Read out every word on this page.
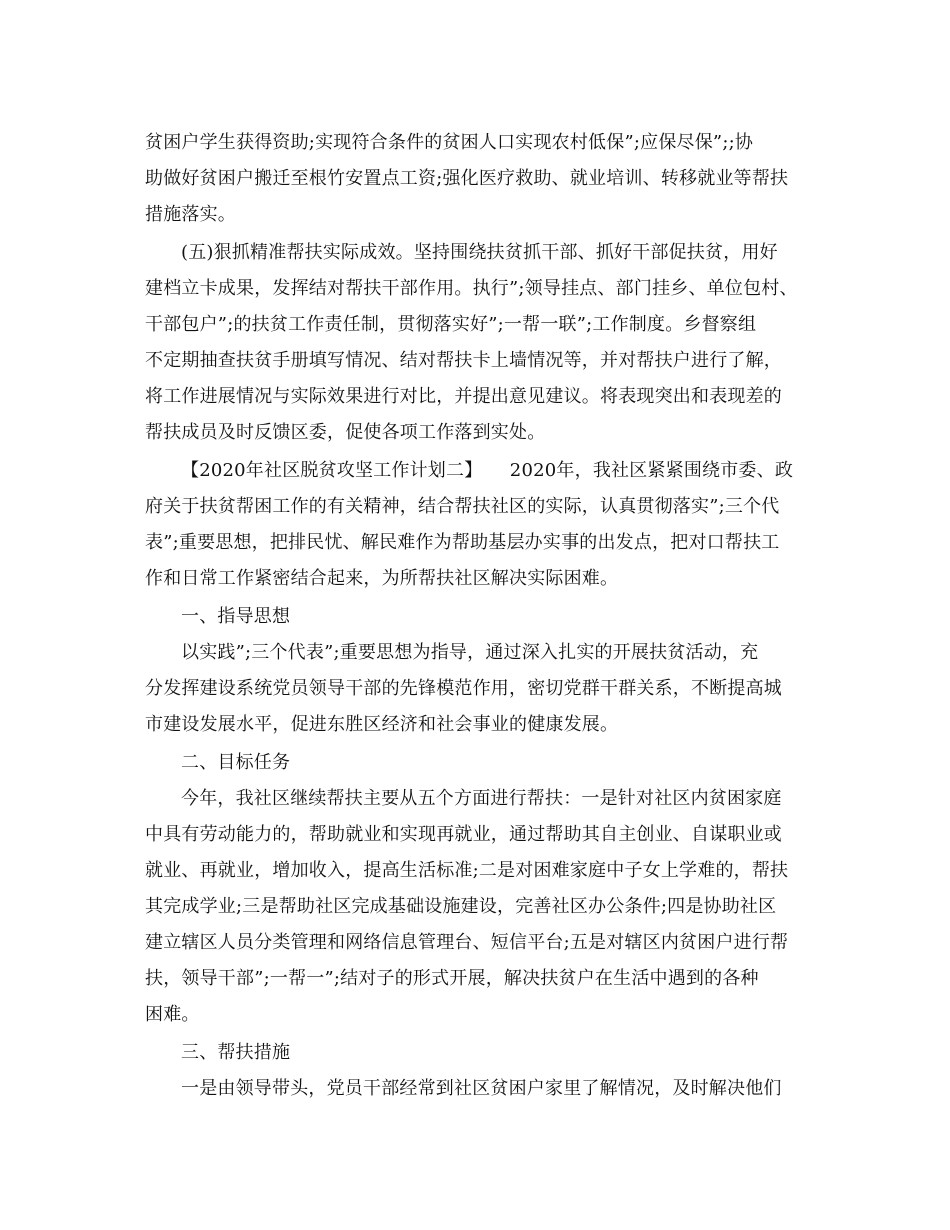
贫困户学生获得资助;实现符合条件的贫困人口实现农村低保”;应保尽保”;;协
助做好贫困户搬迁至根竹安置点工资;强化医疗救助、就业培训、转移就业等帮扶
措施落实。
(五)狠抓精准帮扶实际成效。坚持围绕扶贫抓干部、抓好干部促扶贫，用好
建档立卡成果，发挥结对帮扶干部作用。执行”;领导挂点、部门挂乡、单位包村、
干部包户”;的扶贫工作责任制，贯彻落实好”;一帮一联”;工作制度。乡督察组
不定期抽查扶贫手册填写情况、结对帮扶卡上墙情况等，并对帮扶户进行了解，
将工作进展情况与实际效果进行对比，并提出意见建议。将表现突出和表现差的
帮扶成员及时反馈区委，促使各项工作落到实处。
【2020年社区脱贫攻坚工作计划二】　　2020年，我社区紧紧围绕市委、政
府关于扶贫帮困工作的有关精神，结合帮扶社区的实际，认真贯彻落实”;三个代
表”;重要思想，把排民忧、解民难作为帮助基层办实事的出发点，把对口帮扶工
作和日常工作紧密结合起来，为所帮扶社区解决实际困难。
一、指导思想
以实践”;三个代表”;重要思想为指导，通过深入扎实的开展扶贫活动，充
分发挥建设系统党员领导干部的先锋模范作用，密切党群干群关系，不断提高城
市建设发展水平，促进东胜区经济和社会事业的健康发展。
二、目标任务
今年，我社区继续帮扶主要从五个方面进行帮扶：一是针对社区内贫困家庭
中具有劳动能力的，帮助就业和实现再就业，通过帮助其自主创业、自谋职业或
就业、再就业，增加收入，提高生活标准;二是对困难家庭中子女上学难的，帮扶
其完成学业;三是帮助社区完成基础设施建设，完善社区办公条件;四是协助社区
建立辖区人员分类管理和网络信息管理台、短信平台;五是对辖区内贫困户进行帮
扶，领导干部”;一帮一”;结对子的形式开展，解决扶贫户在生活中遇到的各种
困难。
三、帮扶措施
一是由领导带头，党员干部经常到社区贫困户家里了解情况，及时解决他们
